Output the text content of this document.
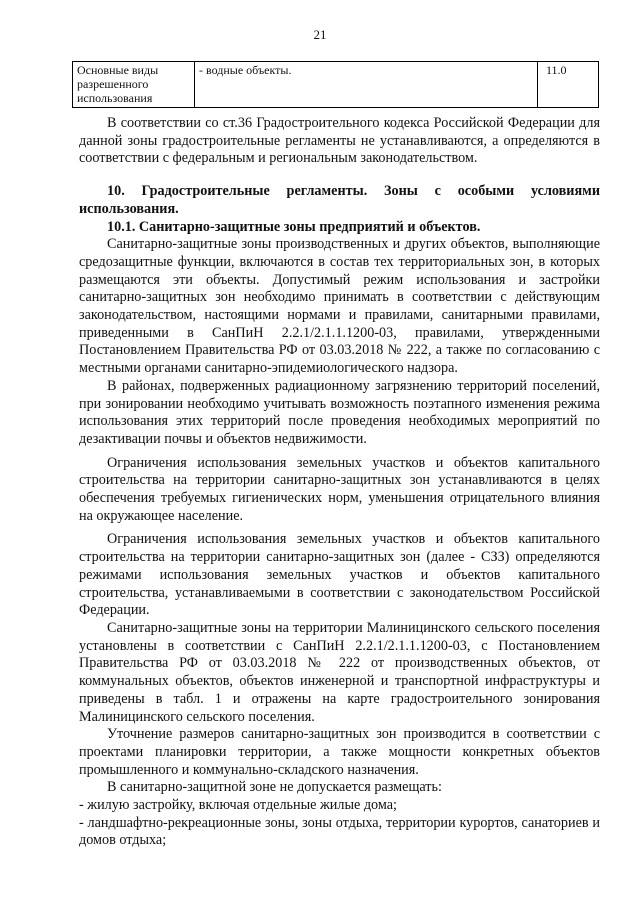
21
Основные виды разрешенного использования	- водные объекты.	11.0

В соответствии со ст.36 Градостроительного кодекса Российской Федерации для данной зоны градостроительные регламенты не устанавливаются, а определяются в соответствии с федеральным и региональным законодательством.

10. Градостроительные регламенты. Зоны с особыми условиями использования.

10.1. Санитарно-защитные зоны предприятий и объектов.

Санитарно-защитные зоны производственных и других объектов, выполняющие средозащитные функции, включаются в состав тех территориальных зон, в которых размещаются эти объекты. Допустимый режим использования и застройки санитарно-защитных зон необходимо принимать в соответствии с действующим законодательством, настоящими нормами и правилами, санитарными правилами, приведенными в СанПиН 2.2.1/2.1.1.1200-03, правилами, утвержденными Постановлением Правительства РФ от 03.03.2018 № 222, а также по согласованию с местными органами санитарно-эпидемиологического надзора.

В районах, подверженных радиационному загрязнению территорий поселений, при зонировании необходимо учитывать возможность поэтапного изменения режима использования этих территорий после проведения необходимых мероприятий по дезактивации почвы и объектов недвижимости.

Ограничения использования земельных участков и объектов капитального строительства на территории санитарно-защитных зон устанавливаются в целях обеспечения требуемых гигиенических норм, уменьшения отрицательного влияния на окружающее население.

Ограничения использования земельных участков и объектов капитального строительства на территории санитарно-защитных зон (далее - СЗЗ) определяются режимами использования земельных участков и объектов капитального строительства, устанавливаемыми в соответствии с законодательством Российской Федерации.

Санитарно-защитные зоны на территории Малиницинского сельского поселения установлены в соответствии с СанПиН 2.2.1/2.1.1.1200-03, с Постановлением Правительства РФ от 03.03.2018 № 222 от производственных объектов, от коммунальных объектов, объектов инженерной и транспортной инфраструктуры и приведены в табл. 1 и отражены на карте градостроительного зонирования Малиницинского сельского поселения.

Уточнение размеров санитарно-защитных зон производится в соответствии с проектами планировки территории, а также мощности конкретных объектов промышленного и коммунально-складского назначения.

В санитарно-защитной зоне не допускается размещать:

- жилую застройку, включая отдельные жилые дома;

- ландшафтно-рекреационные зоны, зоны отдыха, территории курортов, санаториев и домов отдыха;
